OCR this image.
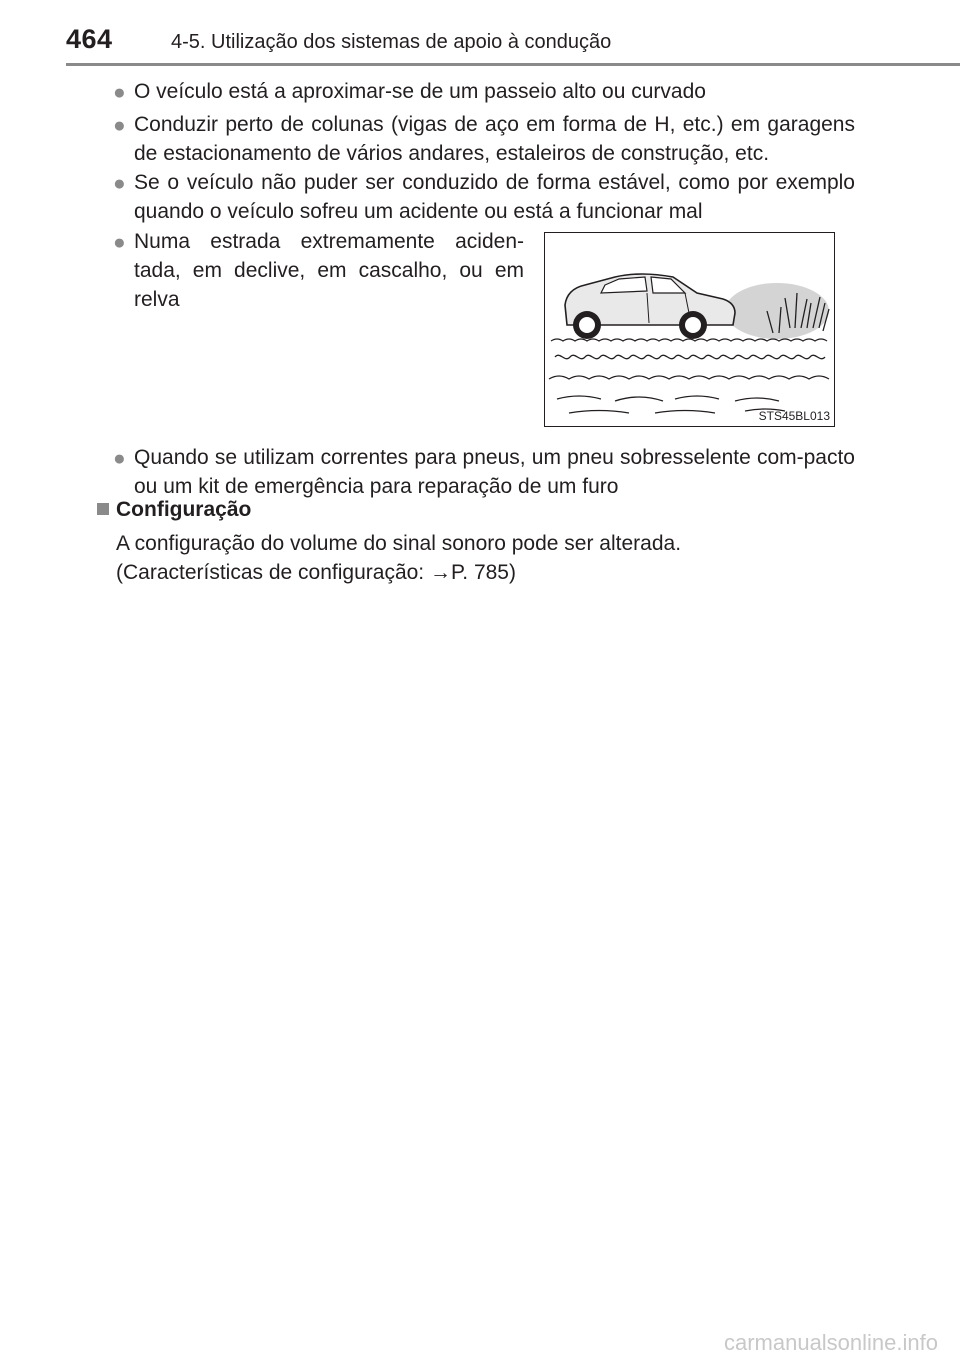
464	4-5. Utilização dos sistemas de apoio à condução
● O veículo está a aproximar-se de um passeio alto ou curvado
● Conduzir perto de colunas (vigas de aço em forma de H, etc.) em garagens de estacionamento de vários andares, estaleiros de construção, etc.
● Se o veículo não puder ser conduzido de forma estável, como por exemplo quando o veículo sofreu um acidente ou está a funcionar mal
● Numa estrada extremamente aciden-tada, em declive, em cascalho, ou em relva
STS45BL013
● Quando se utilizam correntes para pneus, um pneu sobresselente com-pacto ou um kit de emergência para reparação de um furo
Configuração
A configuração do volume do sinal sonoro pode ser alterada.
(Características de configuração: →P. 785)
carmanualsonline.info
